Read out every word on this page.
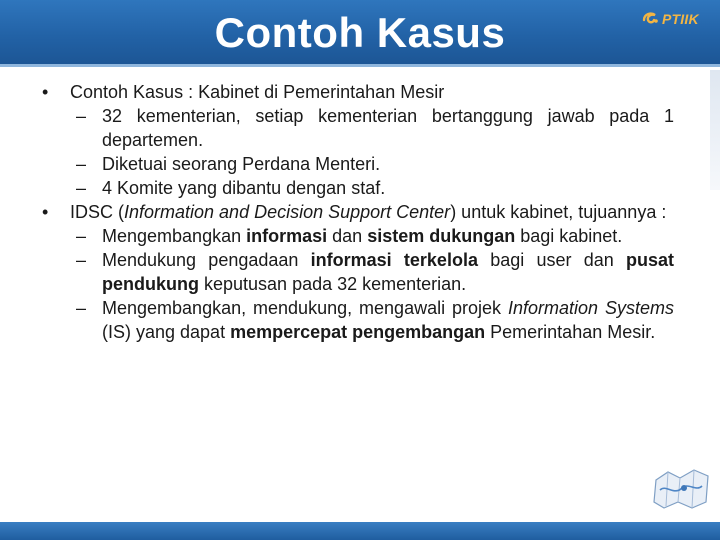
Contoh Kasus	PTIIK
• Contoh Kasus : Kabinet di Pemerintahan Mesir
– 32 kementerian, setiap kementerian bertanggung jawab pada 1 departemen.
– Diketuai seorang Perdana Menteri.
– 4 Komite yang dibantu dengan staf.
• IDSC (Information and Decision Support Center) untuk kabinet, tujuannya :
– Mengembangkan informasi dan sistem dukungan bagi kabinet.
– Mendukung pengadaan informasi terkelola bagi user dan pusat pendukung keputusan pada 32 kementerian.
– Mengembangkan, mendukung, mengawali projek Information Systems (IS) yang dapat mempercepat pengembangan Pemerintahan Mesir.
